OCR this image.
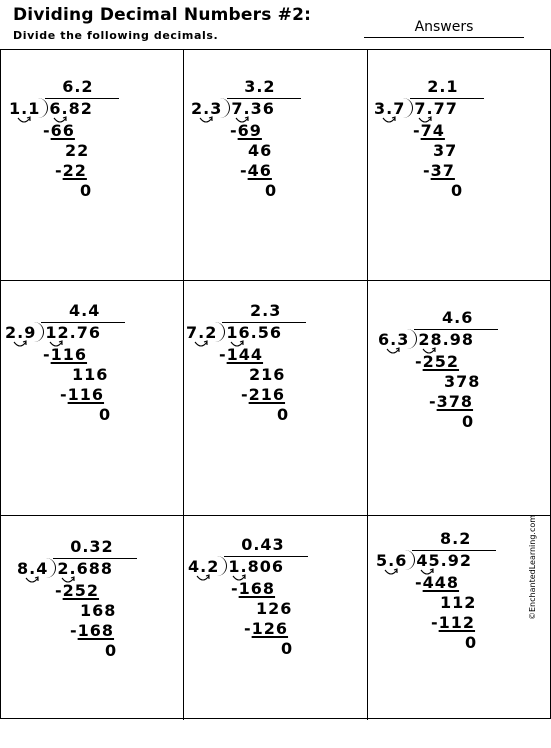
Dividing Decimal Numbers #2:
Divide the following decimals.
Answers
1.1 6.82
6.2
-66
22
-22
0
2.3 7.36
3.2
-69
46
-46
0
3.7 7.77
2.1
-74
37
-37
0
2.9 12.76
4.4
-116
116
-116
0
7.2 16.56
2.3
-144
216
-216
0
6.3 28.98
4.6
-252
378
-378
0
8.4 2.688
0.32
-252
168
-168
0
4.2 1.806
0.43
-168
126
-126
0
5.6 45.92
8.2
-448
112
-112
0
©EnchantedLearning.com
